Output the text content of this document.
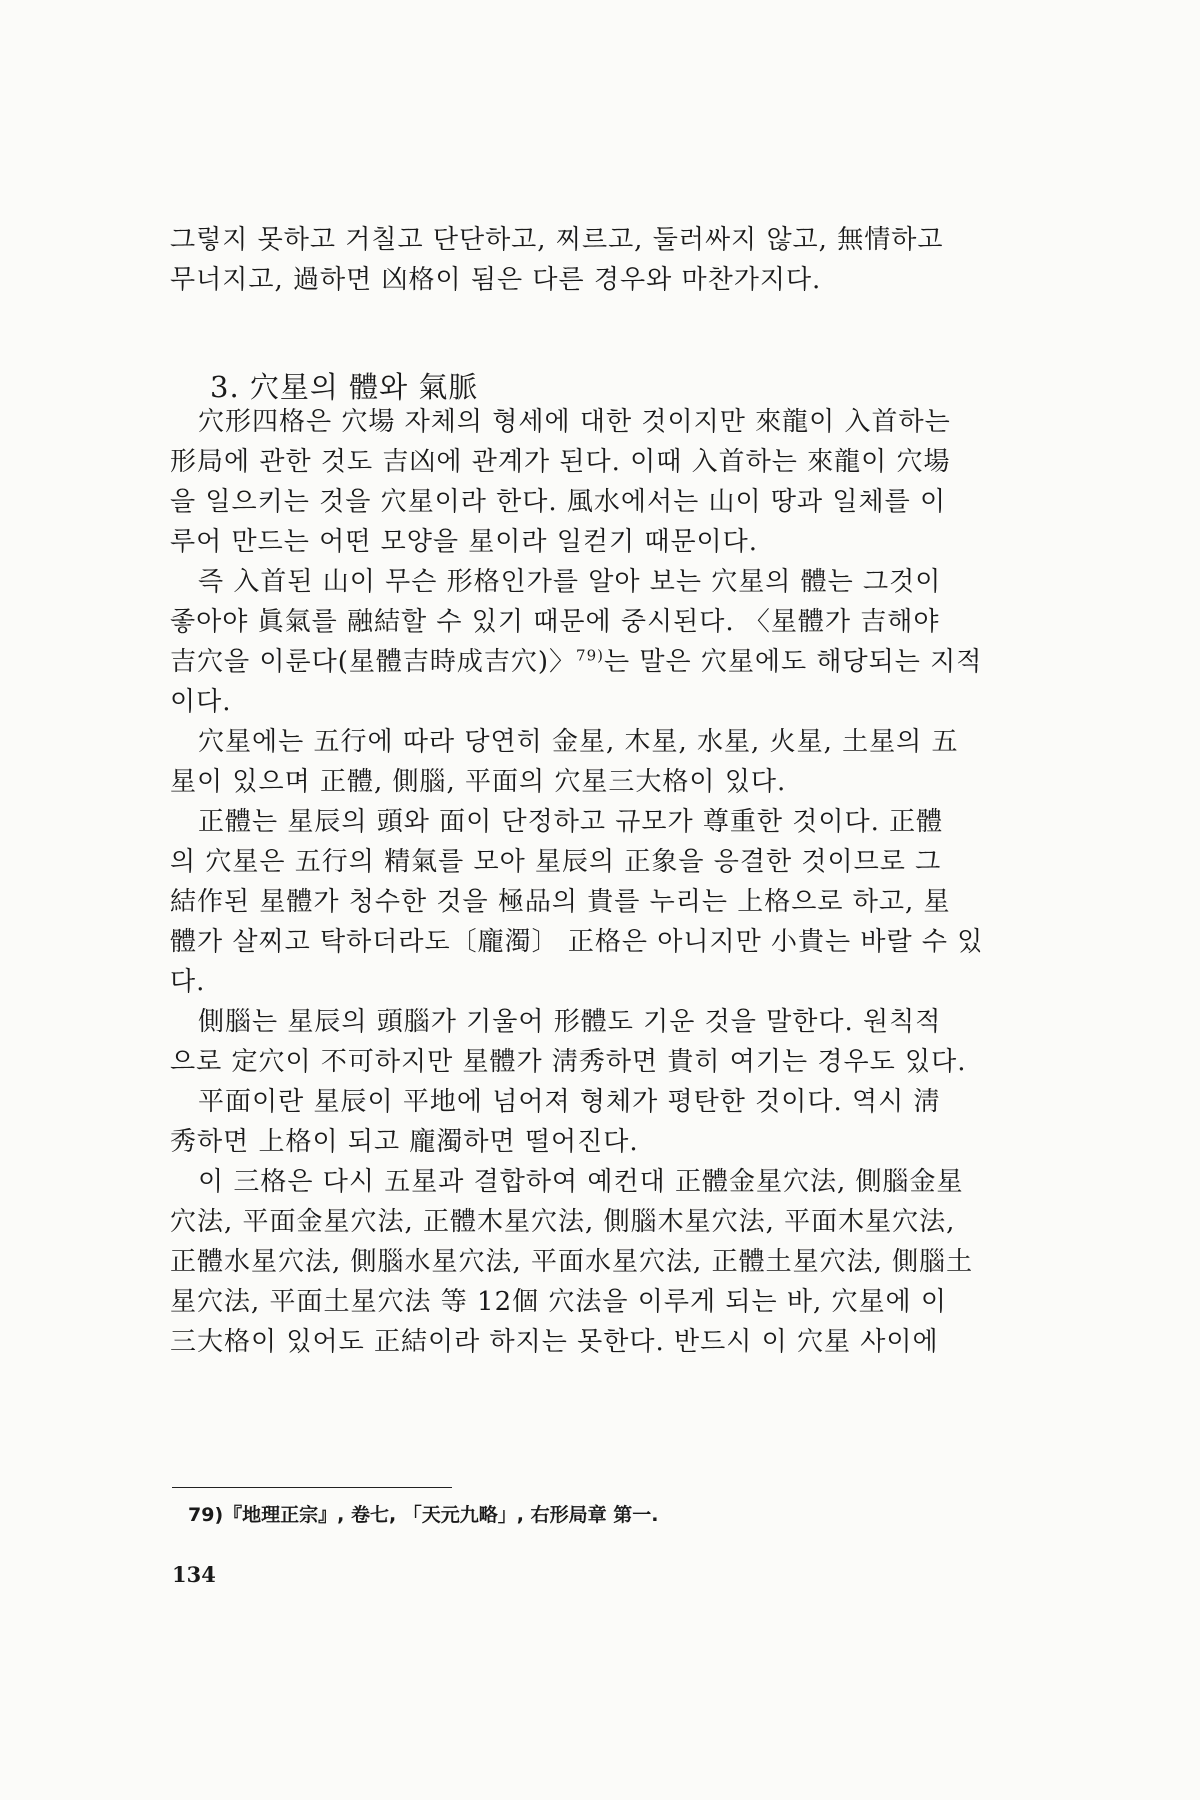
그렇지 못하고 거칠고 단단하고, 찌르고, 둘러싸지 않고, 無情하고
무너지고, 過하면 凶格이 됨은 다른 경우와 마찬가지다.
3. 穴星의 體와 氣脈
穴形四格은 穴場 자체의 형세에 대한 것이지만 來龍이 入首하는
形局에 관한 것도 吉凶에 관계가 된다. 이때 入首하는 來龍이 穴場
을 일으키는 것을 穴星이라 한다. 風水에서는 山이 땅과 일체를 이
루어 만드는 어떤 모양을 星이라 일컫기 때문이다.
즉 入首된 山이 무슨 形格인가를 알아 보는 穴星의 體는 그것이
좋아야 眞氣를 融結할 수 있기 때문에 중시된다. 〈星體가 吉해야
吉穴을 이룬다(星體吉時成吉穴)〉$^{79)}$는 말은 穴星에도 해당되는 지적
이다.
穴星에는 五行에 따라 당연히 金星, 木星, 水星, 火星, 土星의 五
星이 있으며 正體, 側腦, 平面의 穴星三大格이 있다.
正體는 星辰의 頭와 面이 단정하고 규모가 尊重한 것이다. 正體
의 穴星은 五行의 精氣를 모아 星辰의 正象을 응결한 것이므로 그
結作된 星體가 청수한 것을 極品의 貴를 누리는 上格으로 하고, 星
體가 살찌고 탁하더라도〔龐濁〕 正格은 아니지만 小貴는 바랄 수 있
다.
側腦는 星辰의 頭腦가 기울어 形體도 기운 것을 말한다. 원칙적
으로 定穴이 不可하지만 星體가 淸秀하면 貴히 여기는 경우도 있다.
平面이란 星辰이 平地에 넘어져 형체가 평탄한 것이다. 역시 淸
秀하면 上格이 되고 龐濁하면 떨어진다.
이 三格은 다시 五星과 결합하여 예컨대 正體金星穴法, 側腦金星
穴法, 平面金星穴法, 正體木星穴法, 側腦木星穴法, 平面木星穴法,
正體水星穴法, 側腦水星穴法, 平面水星穴法, 正體土星穴法, 側腦土
星穴法, 平面土星穴法 等 12個 穴法을 이루게 되는 바, 穴星에 이
三大格이 있어도 正結이라 하지는 못한다. 반드시 이 穴星 사이에
79)『地理正宗』, 卷七, 「天元九略」, 右形局章 第一.
134
